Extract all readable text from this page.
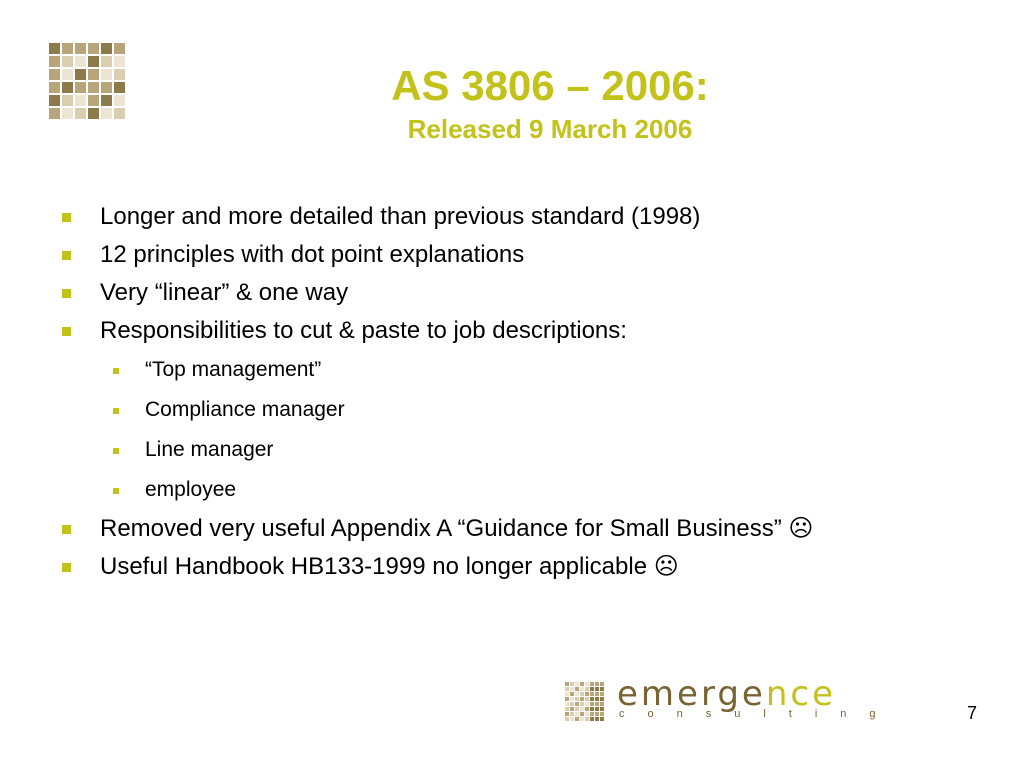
AS 3806 – 2006:
Released 9 March 2006
Longer and more detailed than previous standard (1998)
12 principles with dot point explanations
Very “linear” & one way
Responsibilities to cut & paste to job descriptions:
“Top management”
Compliance manager
Line manager
employee
Removed very useful Appendix A “Guidance for Small Business” ☹
Useful Handbook HB133-1999 no longer applicable ☹
emergence
consulting	7
